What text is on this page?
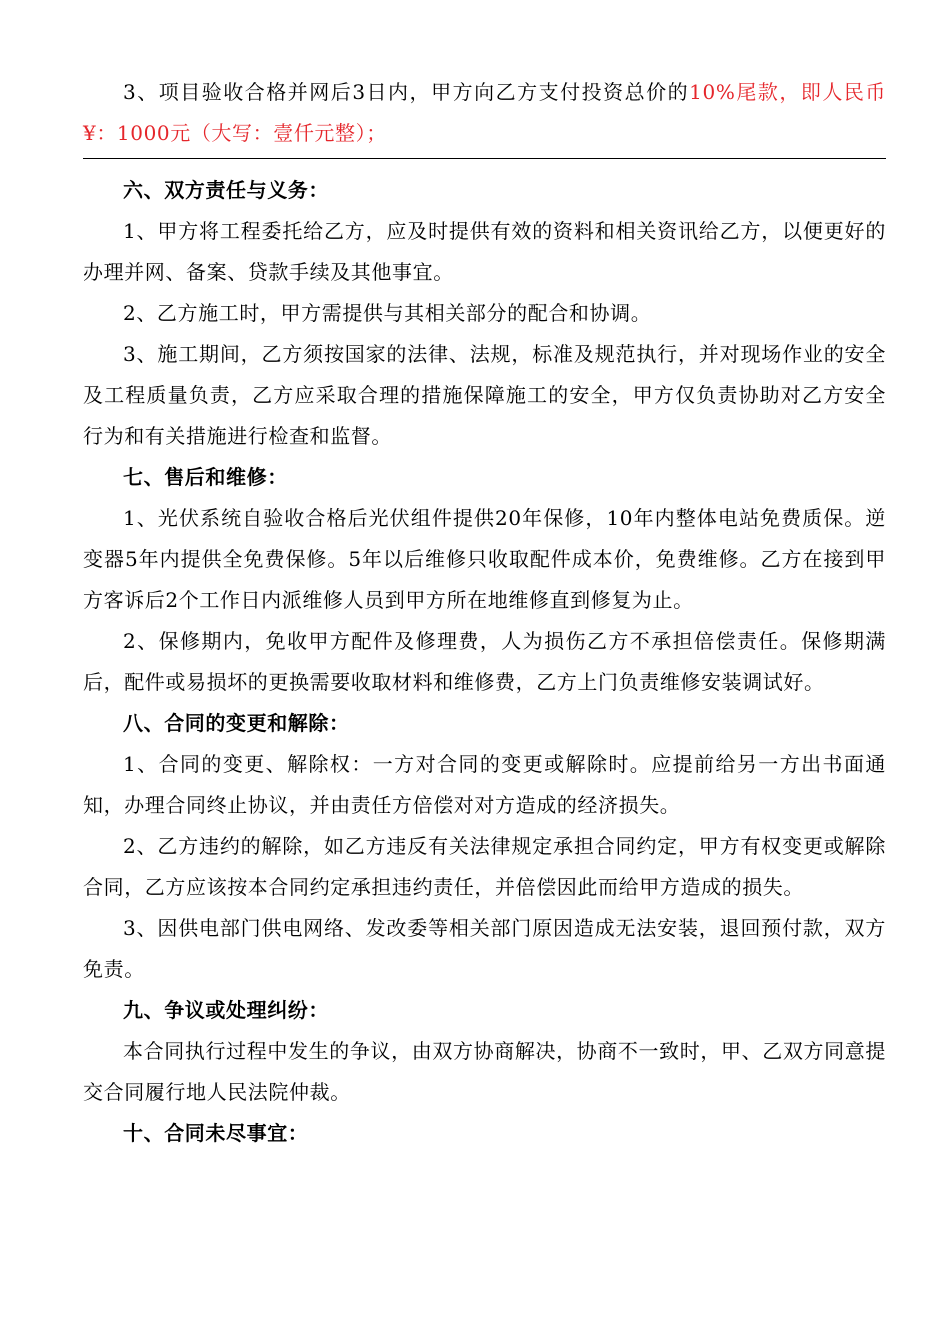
3、项目验收合格并网后3日内，甲方向乙方支付投资总价的10%尾款，即人民币¥：1000元（大写：壹仟元整）；

六、双方责任与义务：

1、甲方将工程委托给乙方，应及时提供有效的资料和相关资讯给乙方，以便更好的办理并网、备案、贷款手续及其他事宜。

2、乙方施工时，甲方需提供与其相关部分的配合和协调。

3、施工期间，乙方须按国家的法律、法规，标准及规范执行，并对现场作业的安全及工程质量负责，乙方应采取合理的措施保障施工的安全，甲方仅负责协助对乙方安全行为和有关措施进行检查和监督。

七、售后和维修：

1、光伏系统自验收合格后光伏组件提供20年保修，10年内整体电站免费质保。逆变器5年内提供全免费保修。5年以后维修只收取配件成本价，免费维修。乙方在接到甲方客诉后2个工作日内派维修人员到甲方所在地维修直到修复为止。

2、保修期内，免收甲方配件及修理费，人为损伤乙方不承担倍偿责任。保修期满后，配件或易损坏的更换需要收取材料和维修费，乙方上门负责维修安装调试好。

八、合同的变更和解除：

1、合同的变更、解除权：一方对合同的变更或解除时。应提前给另一方出书面通知，办理合同终止协议，并由责任方倍偿对对方造成的经济损失。

2、乙方违约的解除，如乙方违反有关法律规定承担合同约定，甲方有权变更或解除合同，乙方应该按本合同约定承担违约责任，并倍偿因此而给甲方造成的损失。

3、因供电部门供电网络、发改委等相关部门原因造成无法安装，退回预付款，双方免责。

九、争议或处理纠纷：

本合同执行过程中发生的争议，由双方协商解决，协商不一致时，甲、乙双方同意提交合同履行地人民法院仲裁。

十、合同未尽事宜：
